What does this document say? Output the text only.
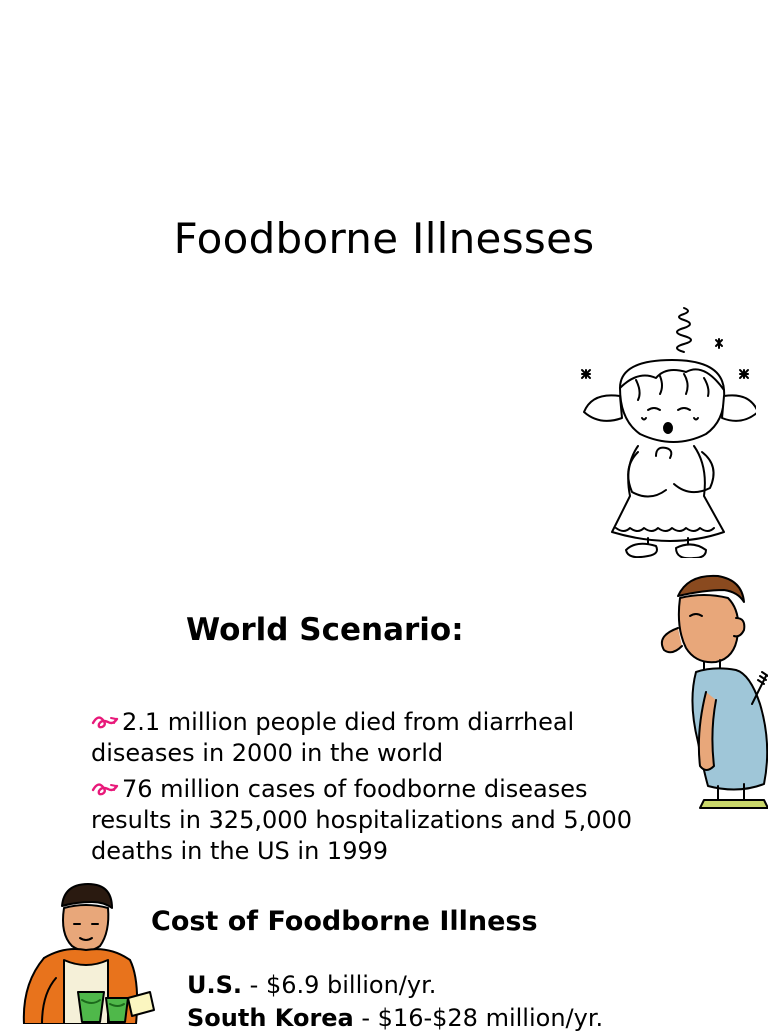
Foodborne Illnesses
World Scenario:
2.1 million people died from diarrheal diseases in 2000 in the world
76 million cases of foodborne diseases results in 325,000 hospitalizations and 5,000 deaths in the US in 1999
Cost of Foodborne Illness
U.S. - $6.9 billion/yr.
South Korea - $16-$28 million/yr.
